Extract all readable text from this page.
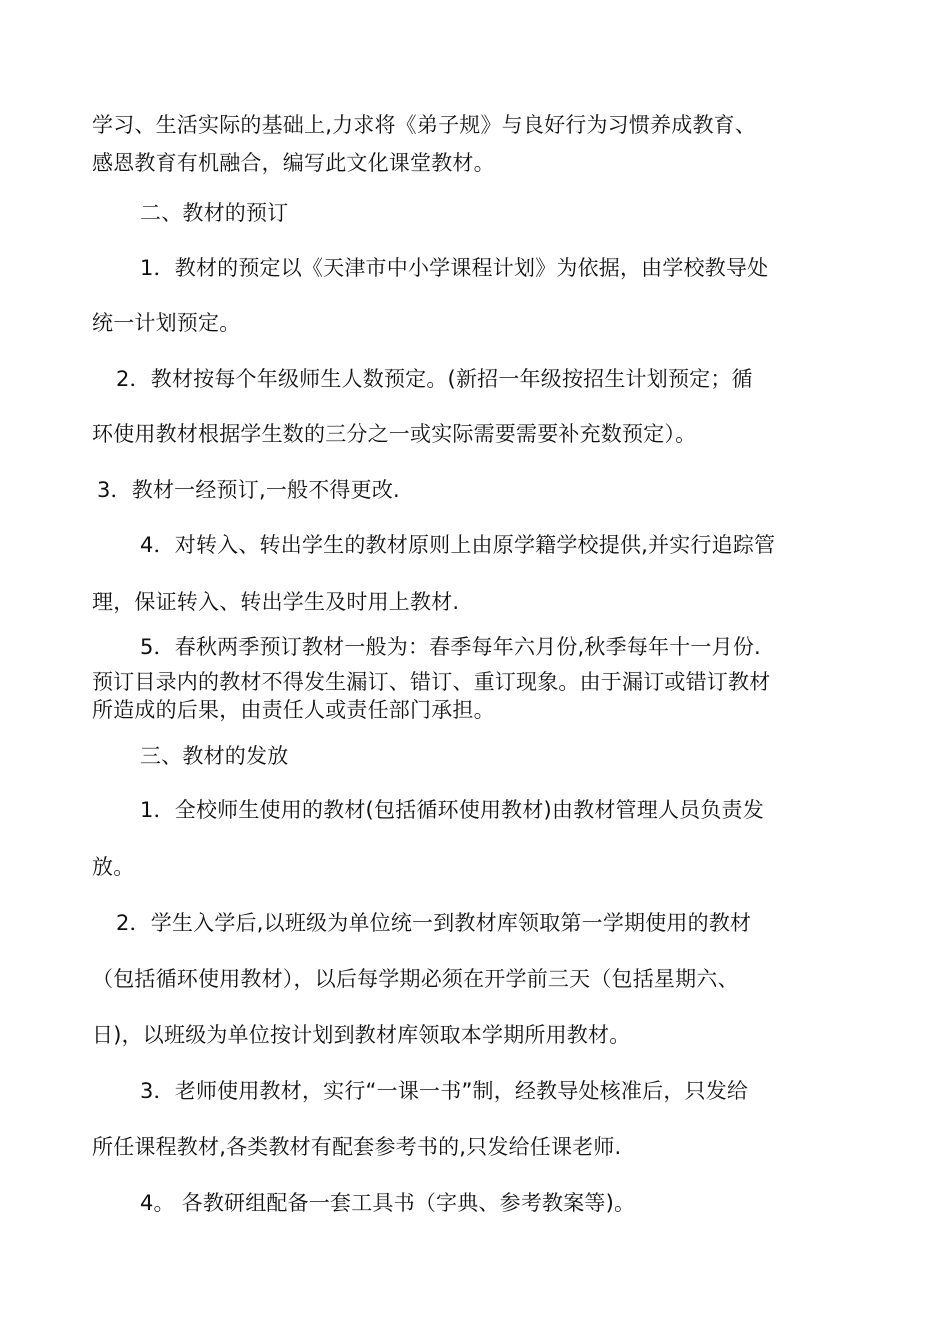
学习、生活实际的基础上,力求将《弟子规》与良好行为习惯养成教育、
感恩教育有机融合，编写此文化课堂教材。
二、教材的预订
1．教材的预定以《天津市中小学课程计划》为依据，由学校教导处
统一计划预定。
2．教材按每个年级师生人数预定。(新招一年级按招生计划预定；循
环使用教材根据学生数的三分之一或实际需要需要补充数预定）。
3．教材一经预订,一般不得更改.
4．对转入、转出学生的教材原则上由原学籍学校提供,并实行追踪管
理，保证转入、转出学生及时用上教材.
5．春秋两季预订教材一般为：春季每年六月份,秋季每年十一月份.
预订目录内的教材不得发生漏订、错订、重订现象。由于漏订或错订教材
所造成的后果，由责任人或责任部门承担。
三、教材的发放
1．全校师生使用的教材(包括循环使用教材)由教材管理人员负责发
放。
2．学生入学后,以班级为单位统一到教材库领取第一学期使用的教材
（包括循环使用教材），以后每学期必须在开学前三天（包括星期六、
日)，以班级为单位按计划到教材库领取本学期所用教材。
3．老师使用教材，实行“一课一书”制，经教导处核准后，只发给
所任课程教材,各类教材有配套参考书的,只发给任课老师.
4。 各教研组配备一套工具书（字典、参考教案等)。
